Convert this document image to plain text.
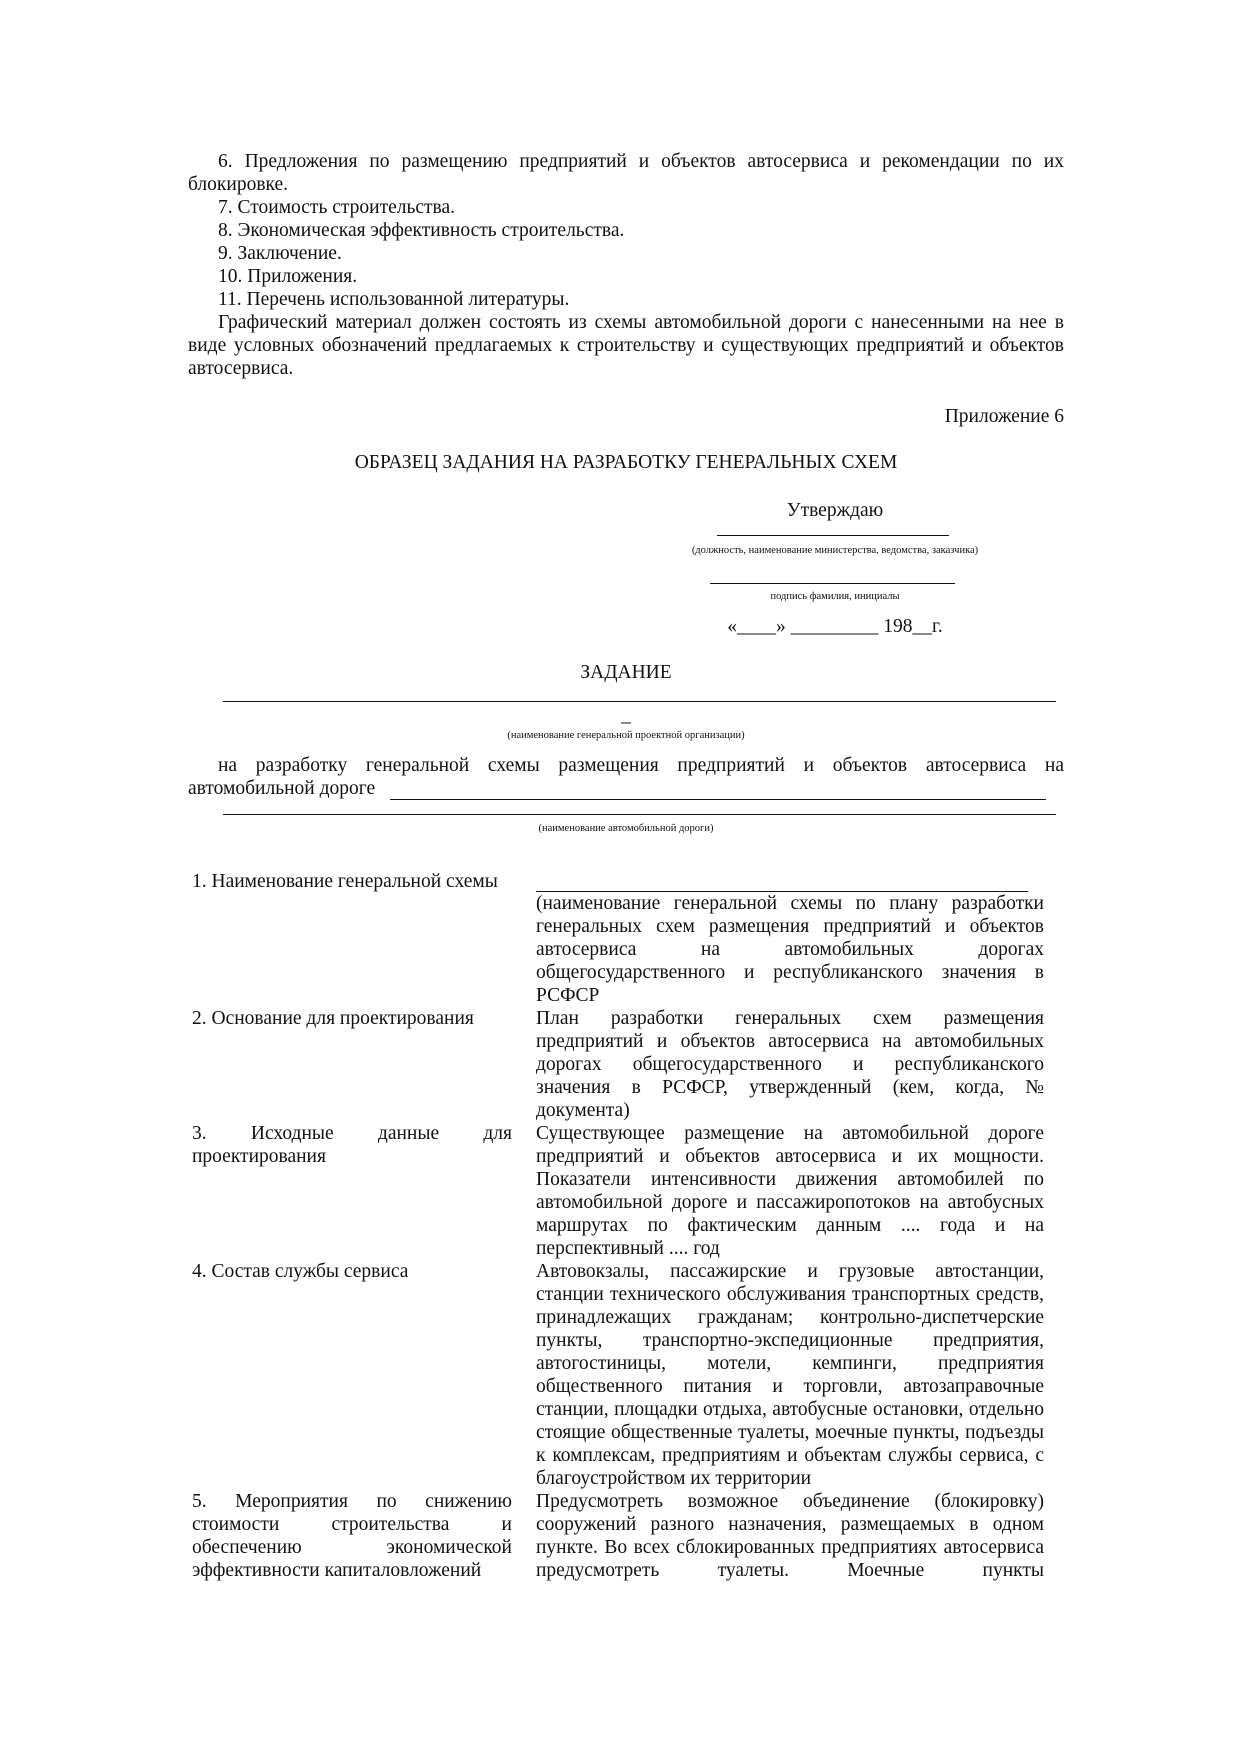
6. Предложения по размещению предприятий и объектов автосервиса и рекомендации по их блокировке.

7. Стоимость строительства.

8. Экономическая эффективность строительства.

9. Заключение.

10. Приложения.

11. Перечень использованной литературы.

Графический материал должен состоять из схемы автомобильной дороги с нанесенными на нее в виде условных обозначений предлагаемых к строительству и существующих предприятий и объектов автосервиса.

Приложение 6
ОБРАЗЕЦ ЗАДАНИЯ НА РАЗРАБОТКУ ГЕНЕРАЛЬНЫХ СХЕМ
Утверждаю
(должность, наименование министерства, ведомства, заказчика)
подпись фамилия, инициалы
«____» _________ 198__г.
ЗАДАНИЕ
_
(наименование генеральной проектной организации)

на разработку генеральной схемы размещения предприятий и объектов автосервиса на автомобильной дороге

(наименование автомобильной дороги)
1. Наименование генеральной схемы	(наименование генеральной схемы по плану разработки генеральных схем размещения предприятий и объектов автосервиса на автомобильных дорогах общегосударственного и республиканского значения в РСФСР

2. Основание для проектирования	План разработки генеральных схем размещения предприятий и объектов автосервиса на автомобильных дорогах общегосударственного и республиканского значения в РСФСР, утвержденный (кем, когда, № документа)
3. Исходные данные для проектирования	Существующее размещение на автомобильной дороге предприятий и объектов автосервиса и их мощности. Показатели интенсивности движения автомобилей по автомобильной дороге и пассажиропотоков на автобусных маршрутах по фактическим данным .... года и на перспективный .... год
4. Состав службы сервиса	Автовокзалы, пассажирские и грузовые автостанции, станции технического обслуживания транспортных средств, принадлежащих гражданам; контрольно-диспетчерские пункты, транспортно-экспедиционные предприятия, автогостиницы, мотели, кемпинги, предприятия общественного питания и торговли, автозаправочные станции, площадки отдыха, автобусные остановки, отдельно стоящие общественные туалеты, моечные пункты, подъезды к комплексам, предприятиям и объектам службы сервиса, с благоустройством их территории
5. Мероприятия по снижению стоимости строительства и обеспечению экономической эффективности капиталовложений	Предусмотреть возможное объединение (блокировку) сооружений разного назначения, размещаемых в одном пункте. Во всех сблокированных предприятиях автосервиса предусмотреть туалеты. Моечные пункты
